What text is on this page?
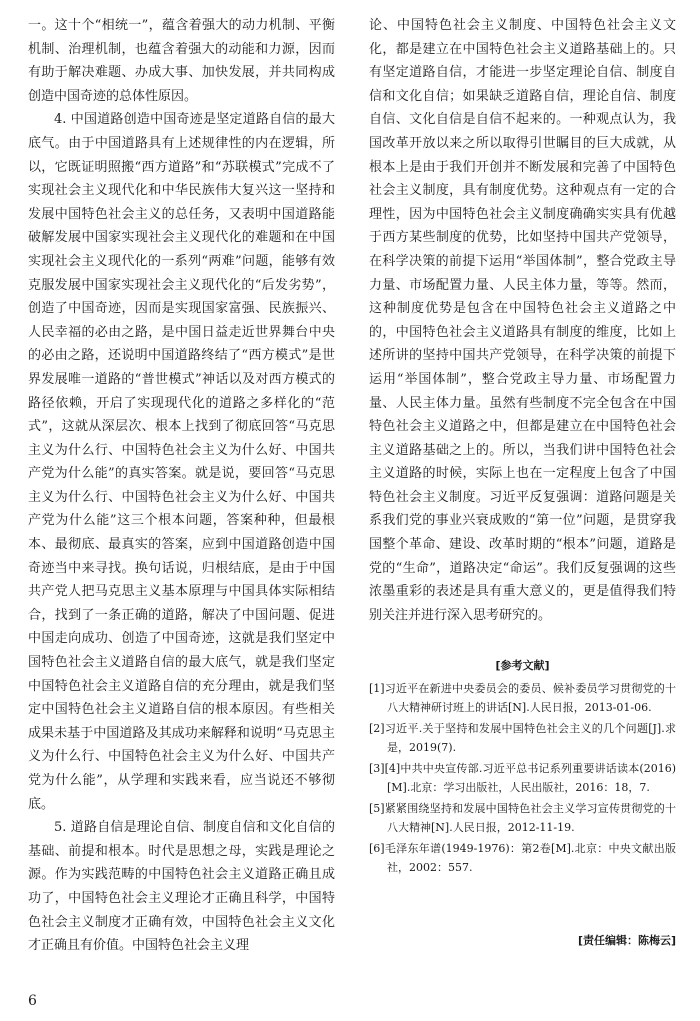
一。这十个“相统一”，蕴含着强大的动力机制、平衡机制、治理机制，也蕴含着强大的动能和力源，因而有助于解决难题、办成大事、加快发展，并共同构成创造中国奇迹的总体性原因。

4. 中国道路创造中国奇迹是坚定道路自信的最大底气。由于中国道路具有上述规律性的内在逻辑，所以，它既证明照搬“西方道路”和“苏联模式”完成不了实现社会主义现代化和中华民族伟大复兴这一坚持和发展中国特色社会主义的总任务，又表明中国道路能破解发展中国家实现社会主义现代化的难题和在中国实现社会主义现代化的一系列“两难”问题，能够有效克服发展中国家实现社会主义现代化的“后发劣势”，创造了中国奇迹，因而是实现国家富强、民族振兴、人民幸福的必由之路，是中国日益走近世界舞台中央的必由之路，还说明中国道路终结了“西方模式”是世界发展唯一道路的“普世模式”神话以及对西方模式的路径依赖，开启了实现现代化的道路之多样化的“范式”，这就从深层次、根本上找到了彻底回答“马克思主义为什么行、中国特色社会主义为什么好、中国共产党为什么能”的真实答案。就是说，要回答“马克思主义为什么行、中国特色社会主义为什么好、中国共产党为什么能”这三个根本问题，答案种种，但最根本、最彻底、最真实的答案，应到中国道路创造中国奇迹当中来寻找。换句话说，归根结底，是由于中国共产党人把马克思主义基本原理与中国具体实际相结合，找到了一条正确的道路，解决了中国问题、促进中国走向成功、创造了中国奇迹，这就是我们坚定中国特色社会主义道路自信的最大底气，就是我们坚定中国特色社会主义道路自信的充分理由，就是我们坚定中国特色社会主义道路自信的根本原因。有些相关成果未基于中国道路及其成功来解释和说明“马克思主义为什么行、中国特色社会主义为什么好、中国共产党为什么能”，从学理和实践来看，应当说还不够彻底。

5. 道路自信是理论自信、制度自信和文化自信的基础、前提和根本。时代是思想之母，实践是理论之源。作为实践范畴的中国特色社会主义道路正确且成功了，中国特色社会主义理论才正确且科学，中国特色社会主义制度才正确有效，中国特色社会主义文化才正确且有价值。中国特色社会主义理

论、中国特色社会主义制度、中国特色社会主义文化，都是建立在中国特色社会主义道路基础上的。只有坚定道路自信，才能进一步坚定理论自信、制度自信和文化自信；如果缺乏道路自信，理论自信、制度自信、文化自信是自信不起来的。一种观点认为，我国改革开放以来之所以取得引世瞩目的巨大成就，从根本上是由于我们开创并不断发展和完善了中国特色社会主义制度，具有制度优势。这种观点有一定的合理性，因为中国特色社会主义制度确确实实具有优越于西方某些制度的优势，比如坚持中国共产党领导，在科学决策的前提下运用“举国体制”，整合党政主导力量、市场配置力量、人民主体力量，等等。然而，这种制度优势是包含在中国特色社会主义道路之中的，中国特色社会主义道路具有制度的维度，比如上述所讲的坚持中国共产党领导，在科学决策的前提下运用“举国体制”，整合党政主导力量、市场配置力量、人民主体力量。虽然有些制度不完全包含在中国特色社会主义道路之中，但都是建立在中国特色社会主义道路基础之上的。所以，当我们讲中国特色社会主义道路的时候，实际上也在一定程度上包含了中国特色社会主义制度。习近平反复强调：道路问题是关系我们党的事业兴衰成败的“第一位”问题，是贯穿我国整个革命、建设、改革时期的“根本”问题，道路是党的“生命”，道路决定“命运”。我们反复强调的这些浓墨重彩的表述是具有重大意义的，更是值得我们特别关注并进行深入思考研究的。

[参考文献]
[1]习近平在新进中央委员会的委员、候补委员学习贯彻党的十八大精神研讨班上的讲话[N].人民日报，2013-01-06.
[2]习近平.关于坚持和发展中国特色社会主义的几个问题[J].求是，2019(7).
[3][4]中共中央宣传部.习近平总书记系列重要讲话读本(2016)[M].北京：学习出版社，人民出版社，2016：18，7.
[5]紧紧围绕坚持和发展中国特色社会主义学习宣传贯彻党的十八大精神[N].人民日报，2012-11-19.
[6]毛泽东年谱(1949-1976)：第2卷[M].北京：中央文献出版社，2002：557.
[责任编辑：陈梅云]
6
